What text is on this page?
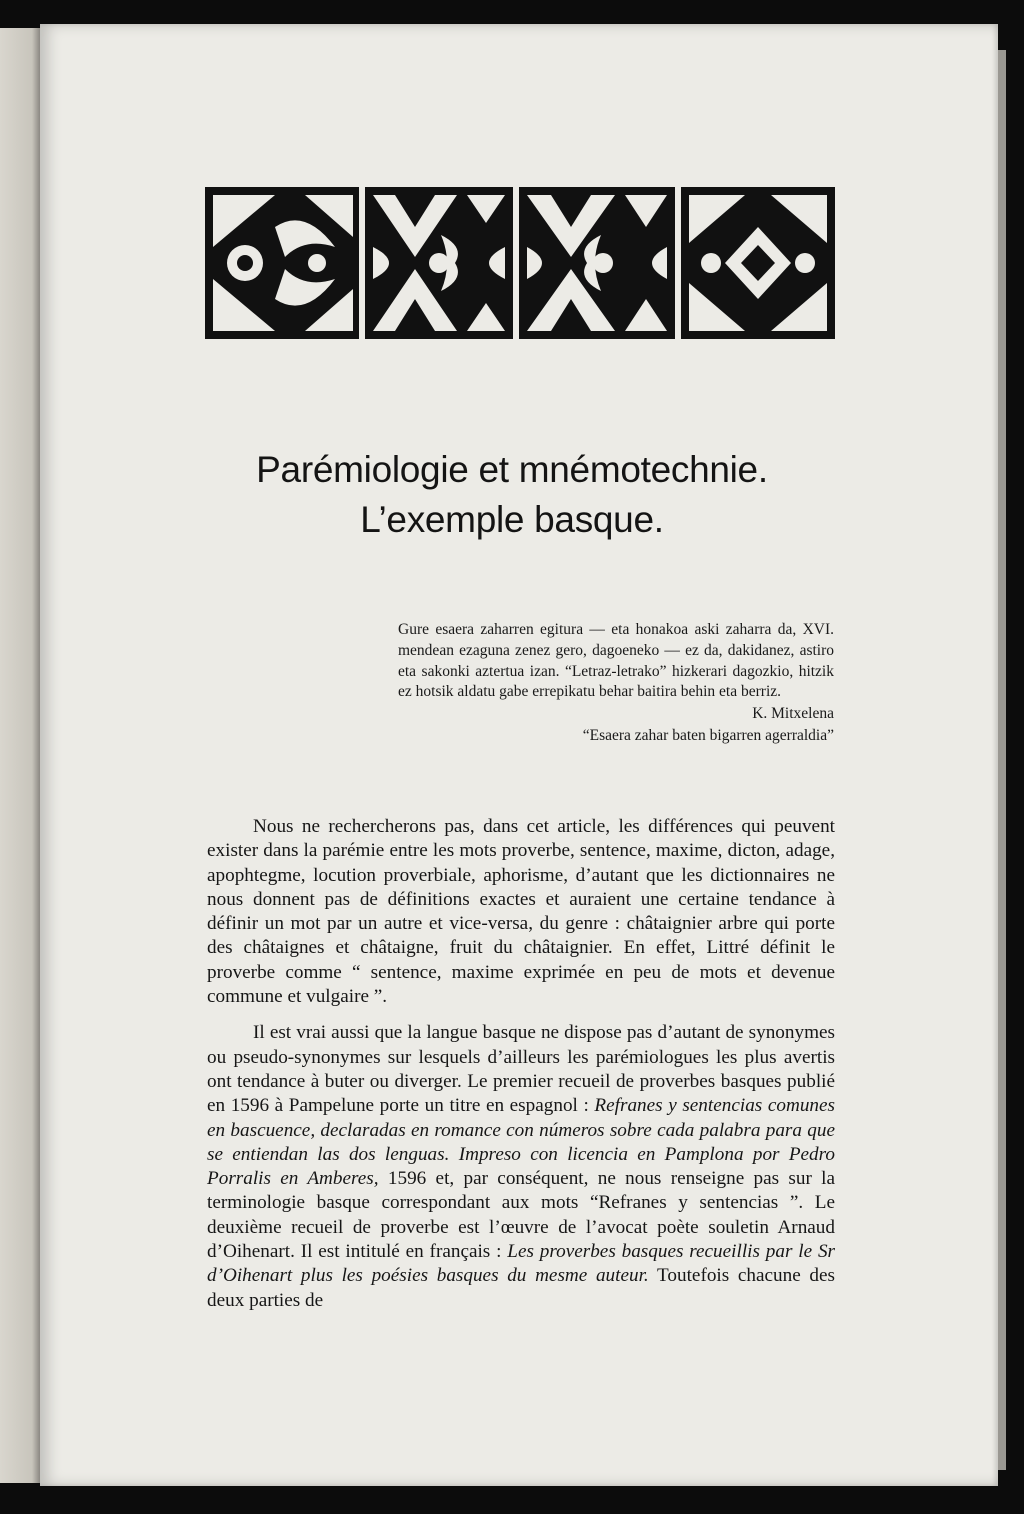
Parémiologie et mnémotechnie.
L’exemple basque.

Gure esaera zaharren egitura — eta honakoa aski zaharra da, XVI. mendean ezaguna zenez gero, dagoeneko — ez da, dakidanez, astiro eta sakonki aztertua izan. “Letraz-letrako” hizkerari dagozkio, hitzik ez hotsik aldatu gabe errepikatu behar baitira behin eta berriz.

K. Mitxelena

“Esaera zahar baten bigarren agerraldia”

Nous ne rechercherons pas, dans cet article, les différences qui peuvent exister dans la parémie entre les mots proverbe, sentence, maxime, dicton, adage, apophtegme, locution proverbiale, aphorisme, d’autant que les dictionnaires ne nous donnent pas de définitions exactes et auraient une certaine tendance à définir un mot par un autre et vice-versa, du genre : châtaignier arbre qui porte des châtaignes et châtaigne, fruit du châtaignier. En effet, Littré définit le proverbe comme “ sentence, maxime exprimée en peu de mots et devenue commune et vulgaire ”.

Il est vrai aussi que la langue basque ne dispose pas d’autant de synonymes ou pseudo-synonymes sur lesquels d’ailleurs les parémiologues les plus avertis ont tendance à buter ou diverger. Le premier recueil de proverbes basques publié en 1596 à Pampelune porte un titre en espagnol : Refranes y sentencias comunes en bascuence, declaradas en romance con números sobre cada palabra para que se entiendan las dos lenguas. Impreso con licencia en Pamplona por Pedro Porralis en Amberes, 1596 et, par conséquent, ne nous renseigne pas sur la terminologie basque correspondant aux mots “Refranes y sentencias ”. Le deuxième recueil de proverbe est l’œuvre de l’avocat poète souletin Arnaud d’Oihenart. Il est intitulé en français : Les proverbes basques recueillis par le Sr d’Oihenart plus les poésies basques du mesme auteur. Toutefois chacune des deux parties de
